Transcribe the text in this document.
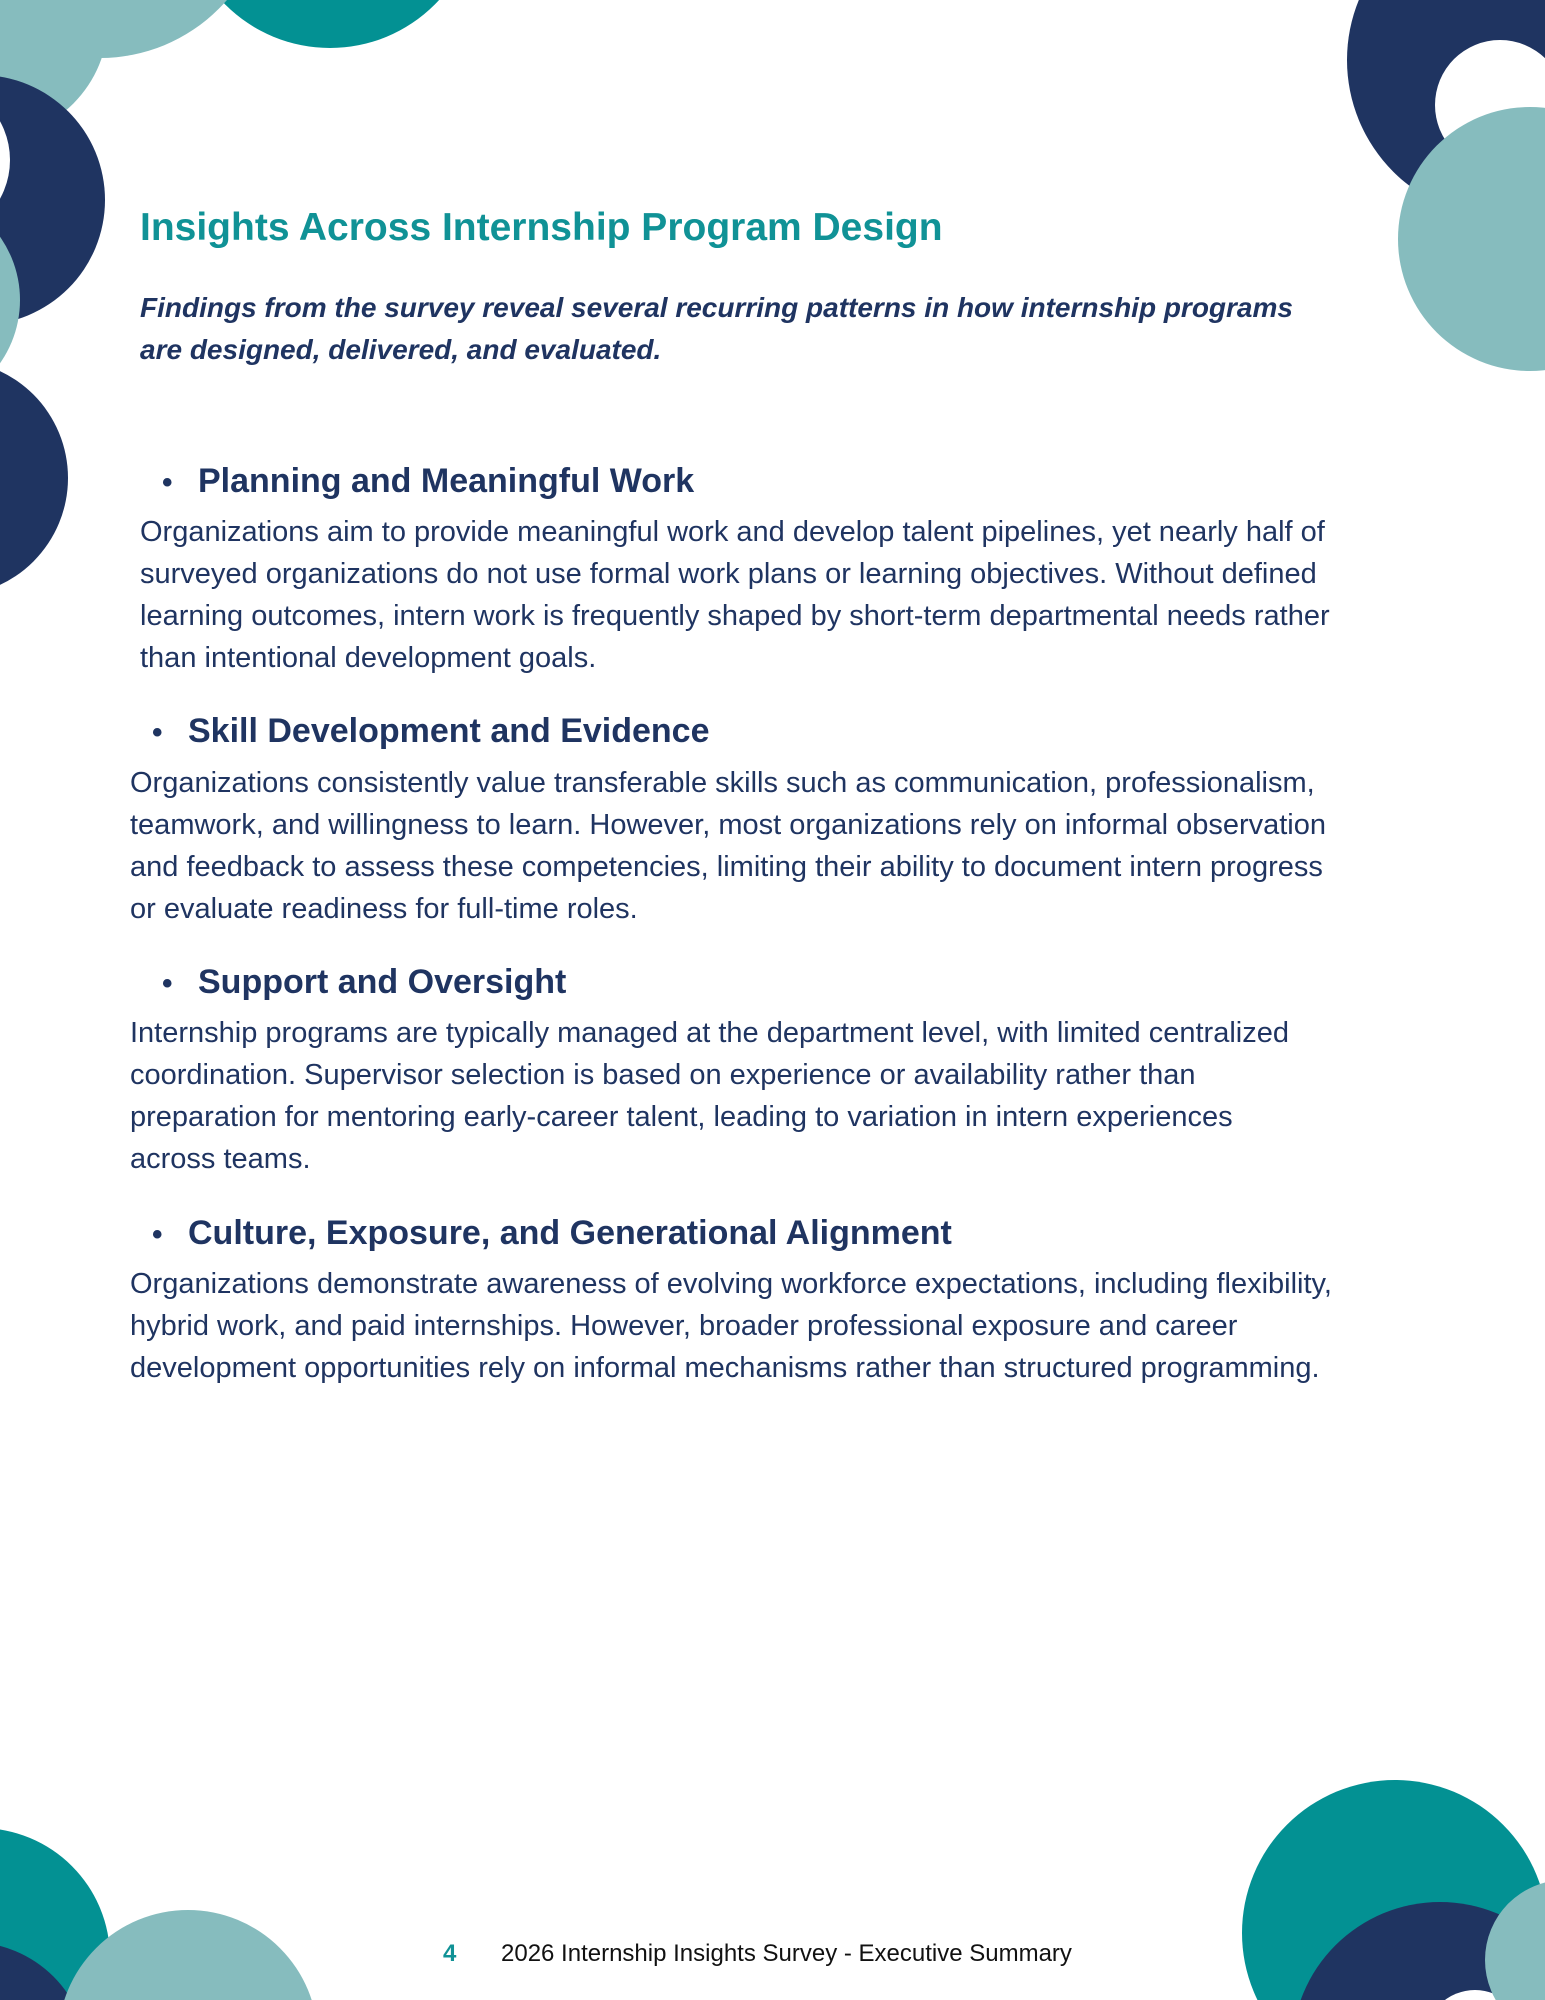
Insights Across Internship Program Design

Findings from the survey reveal several recurring patterns in how internship programs are designed, delivered, and evaluated.

• Planning and Meaningful Work

Organizations aim to provide meaningful work and develop talent pipelines, yet nearly half of surveyed organizations do not use formal work plans or learning objectives. Without defined learning outcomes, intern work is frequently shaped by short-term departmental needs rather than intentional development goals.

• Skill Development and Evidence

Organizations consistently value transferable skills such as communication, professionalism, teamwork, and willingness to learn. However, most organizations rely on informal observation and feedback to assess these competencies, limiting their ability to document intern progress or evaluate readiness for full-time roles.

• Support and Oversight

Internship programs are typically managed at the department level, with limited centralized coordination. Supervisor selection is based on experience or availability rather than preparation for mentoring early-career talent, leading to variation in intern experiences across teams.

• Culture, Exposure, and Generational Alignment

Organizations demonstrate awareness of evolving workforce expectations, including flexibility, hybrid work, and paid internships. However, broader professional exposure and career development opportunities rely on informal mechanisms rather than structured programming.

4 2026 Internship Insights Survey - Executive Summary
